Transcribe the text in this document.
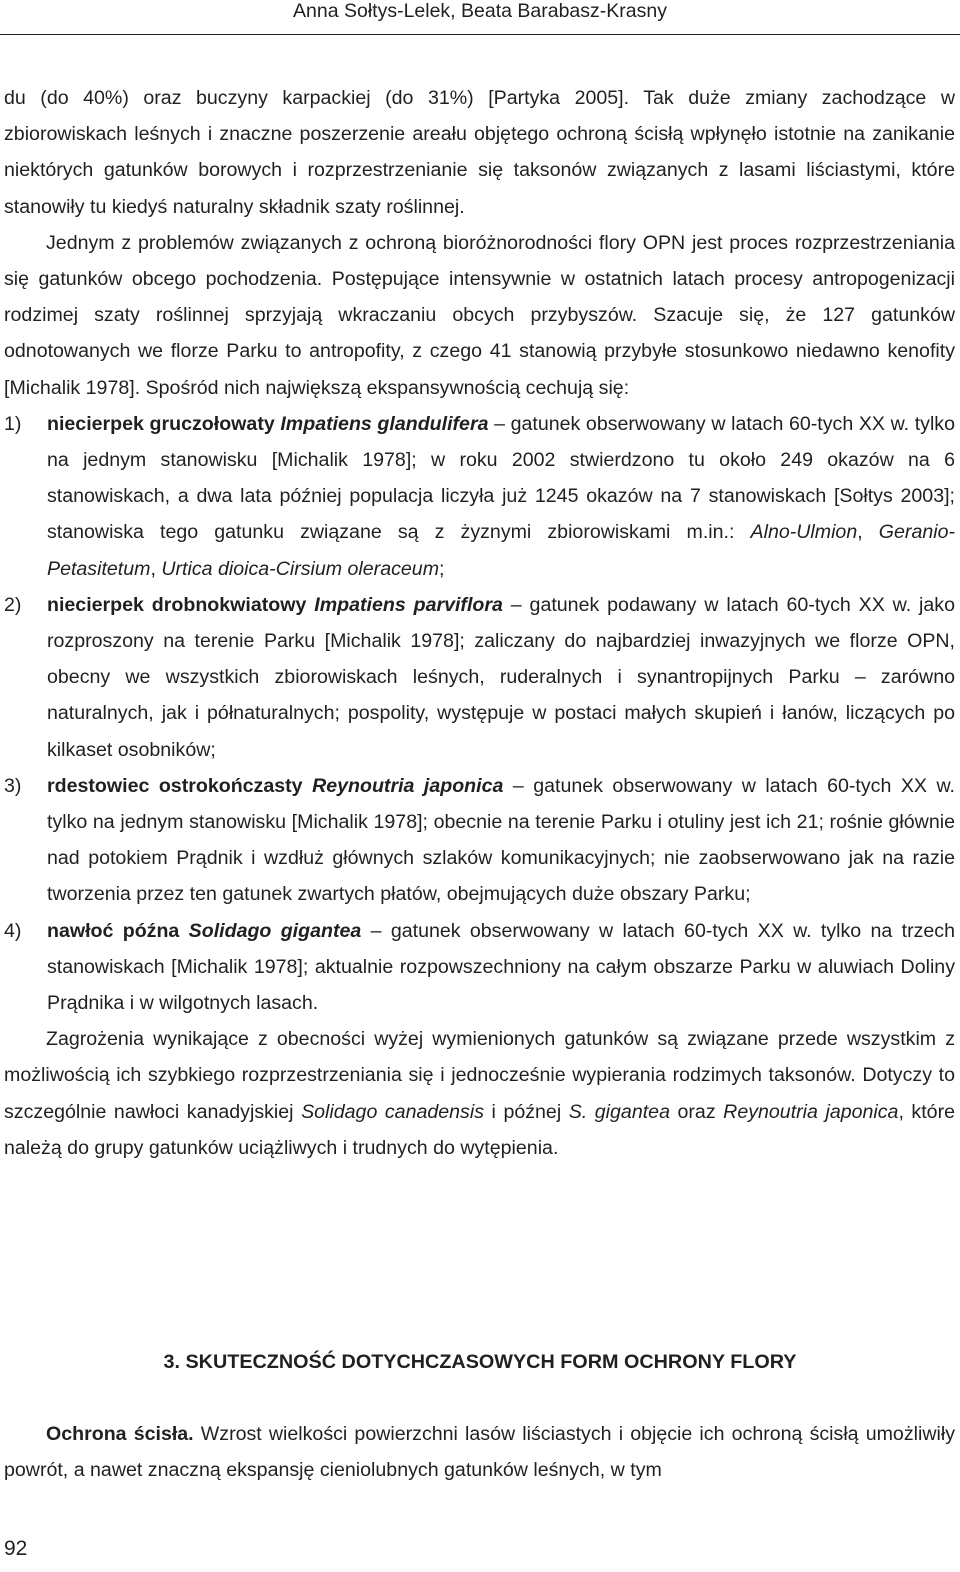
Anna Sołtys-Lelek, Beata Barabasz-Krasny

du (do 40%) oraz buczyny karpackiej (do 31%) [Partyka 2005]. Tak duże zmiany zachodzące w zbiorowiskach leśnych i znaczne poszerzenie areału objętego ochroną ścisłą wpłynęło istotnie na zanikanie niektórych gatunków borowych i rozprzestrzenianie się taksonów związanych z lasami liściastymi, które stanowiły tu kiedyś naturalny składnik szaty roślinnej.

Jednym z problemów związanych z ochroną bioróżnorodności flory OPN jest proces rozprzestrzeniania się gatunków obcego pochodzenia. Postępujące intensywnie w ostatnich latach procesy antropogenizacji rodzimej szaty roślinnej sprzyjają wkraczaniu obcych przybyszów. Szacuje się, że 127 gatunków odnotowanych we florze Parku to antropofity, z czego 41 stanowią przybyłe stosunkowo niedawno kenofity [Michalik 1978]. Spośród nich największą ekspansywnością cechują się:

1) niecierpek gruczołowaty Impatiens glandulifera – gatunek obserwowany w latach 60-tych XX w. tylko na jednym stanowisku [Michalik 1978]; w roku 2002 stwierdzono tu około 249 okazów na 6 stanowiskach, a dwa lata później populacja liczyła już 1245 okazów na 7 stanowiskach [Sołtys 2003]; stanowiska tego gatunku związane są z żyznymi zbiorowiskami m.in.: Alno-Ulmion, Geranio-Petasitetum, Urtica dioica-Cirsium oleraceum;
2) niecierpek drobnokwiatowy Impatiens parviflora – gatunek podawany w latach 60-tych XX w. jako rozproszony na terenie Parku [Michalik 1978]; zaliczany do najbardziej inwazyjnych we florze OPN, obecny we wszystkich zbiorowiskach leśnych, ruderalnych i synantropijnych Parku – zarówno naturalnych, jak i półnaturalnych; pospolity, występuje w postaci małych skupień i łanów, liczących po kilkaset osobników;
3) rdestowiec ostrokończasty Reynoutria japonica – gatunek obserwowany w latach 60-tych XX w. tylko na jednym stanowisku [Michalik 1978]; obecnie na terenie Parku i otuliny jest ich 21; rośnie głównie nad potokiem Prądnik i wzdłuż głównych szlaków komunikacyjnych; nie zaobserwowano jak na razie tworzenia przez ten gatunek zwartych płatów, obejmujących duże obszary Parku;
4) nawłoć późna Solidago gigantea – gatunek obserwowany w latach 60-tych XX w. tylko na trzech stanowiskach [Michalik 1978]; aktualnie rozpowszechniony na całym obszarze Parku w aluwiach Doliny Prądnika i w wilgotnych lasach.

Zagrożenia wynikające z obecności wyżej wymienionych gatunków są związane przede wszystkim z możliwością ich szybkiego rozprzestrzeniania się i jednocześnie wypierania rodzimych taksonów. Dotyczy to szczególnie nawłoci kanadyjskiej Solidago canadensis i późnej S. gigantea oraz Reynoutria japonica, które należą do grupy gatunków uciążliwych i trudnych do wytępienia.

3. SKUTECZNOŚĆ DOTYCHCZASOWYCH FORM OCHRONY FLORY

Ochrona ścisła. Wzrost wielkości powierzchni lasów liściastych i objęcie ich ochroną ścisłą umożliwiły powrót, a nawet znaczną ekspansję cieniolubnych gatunków leśnych, w tym

92
